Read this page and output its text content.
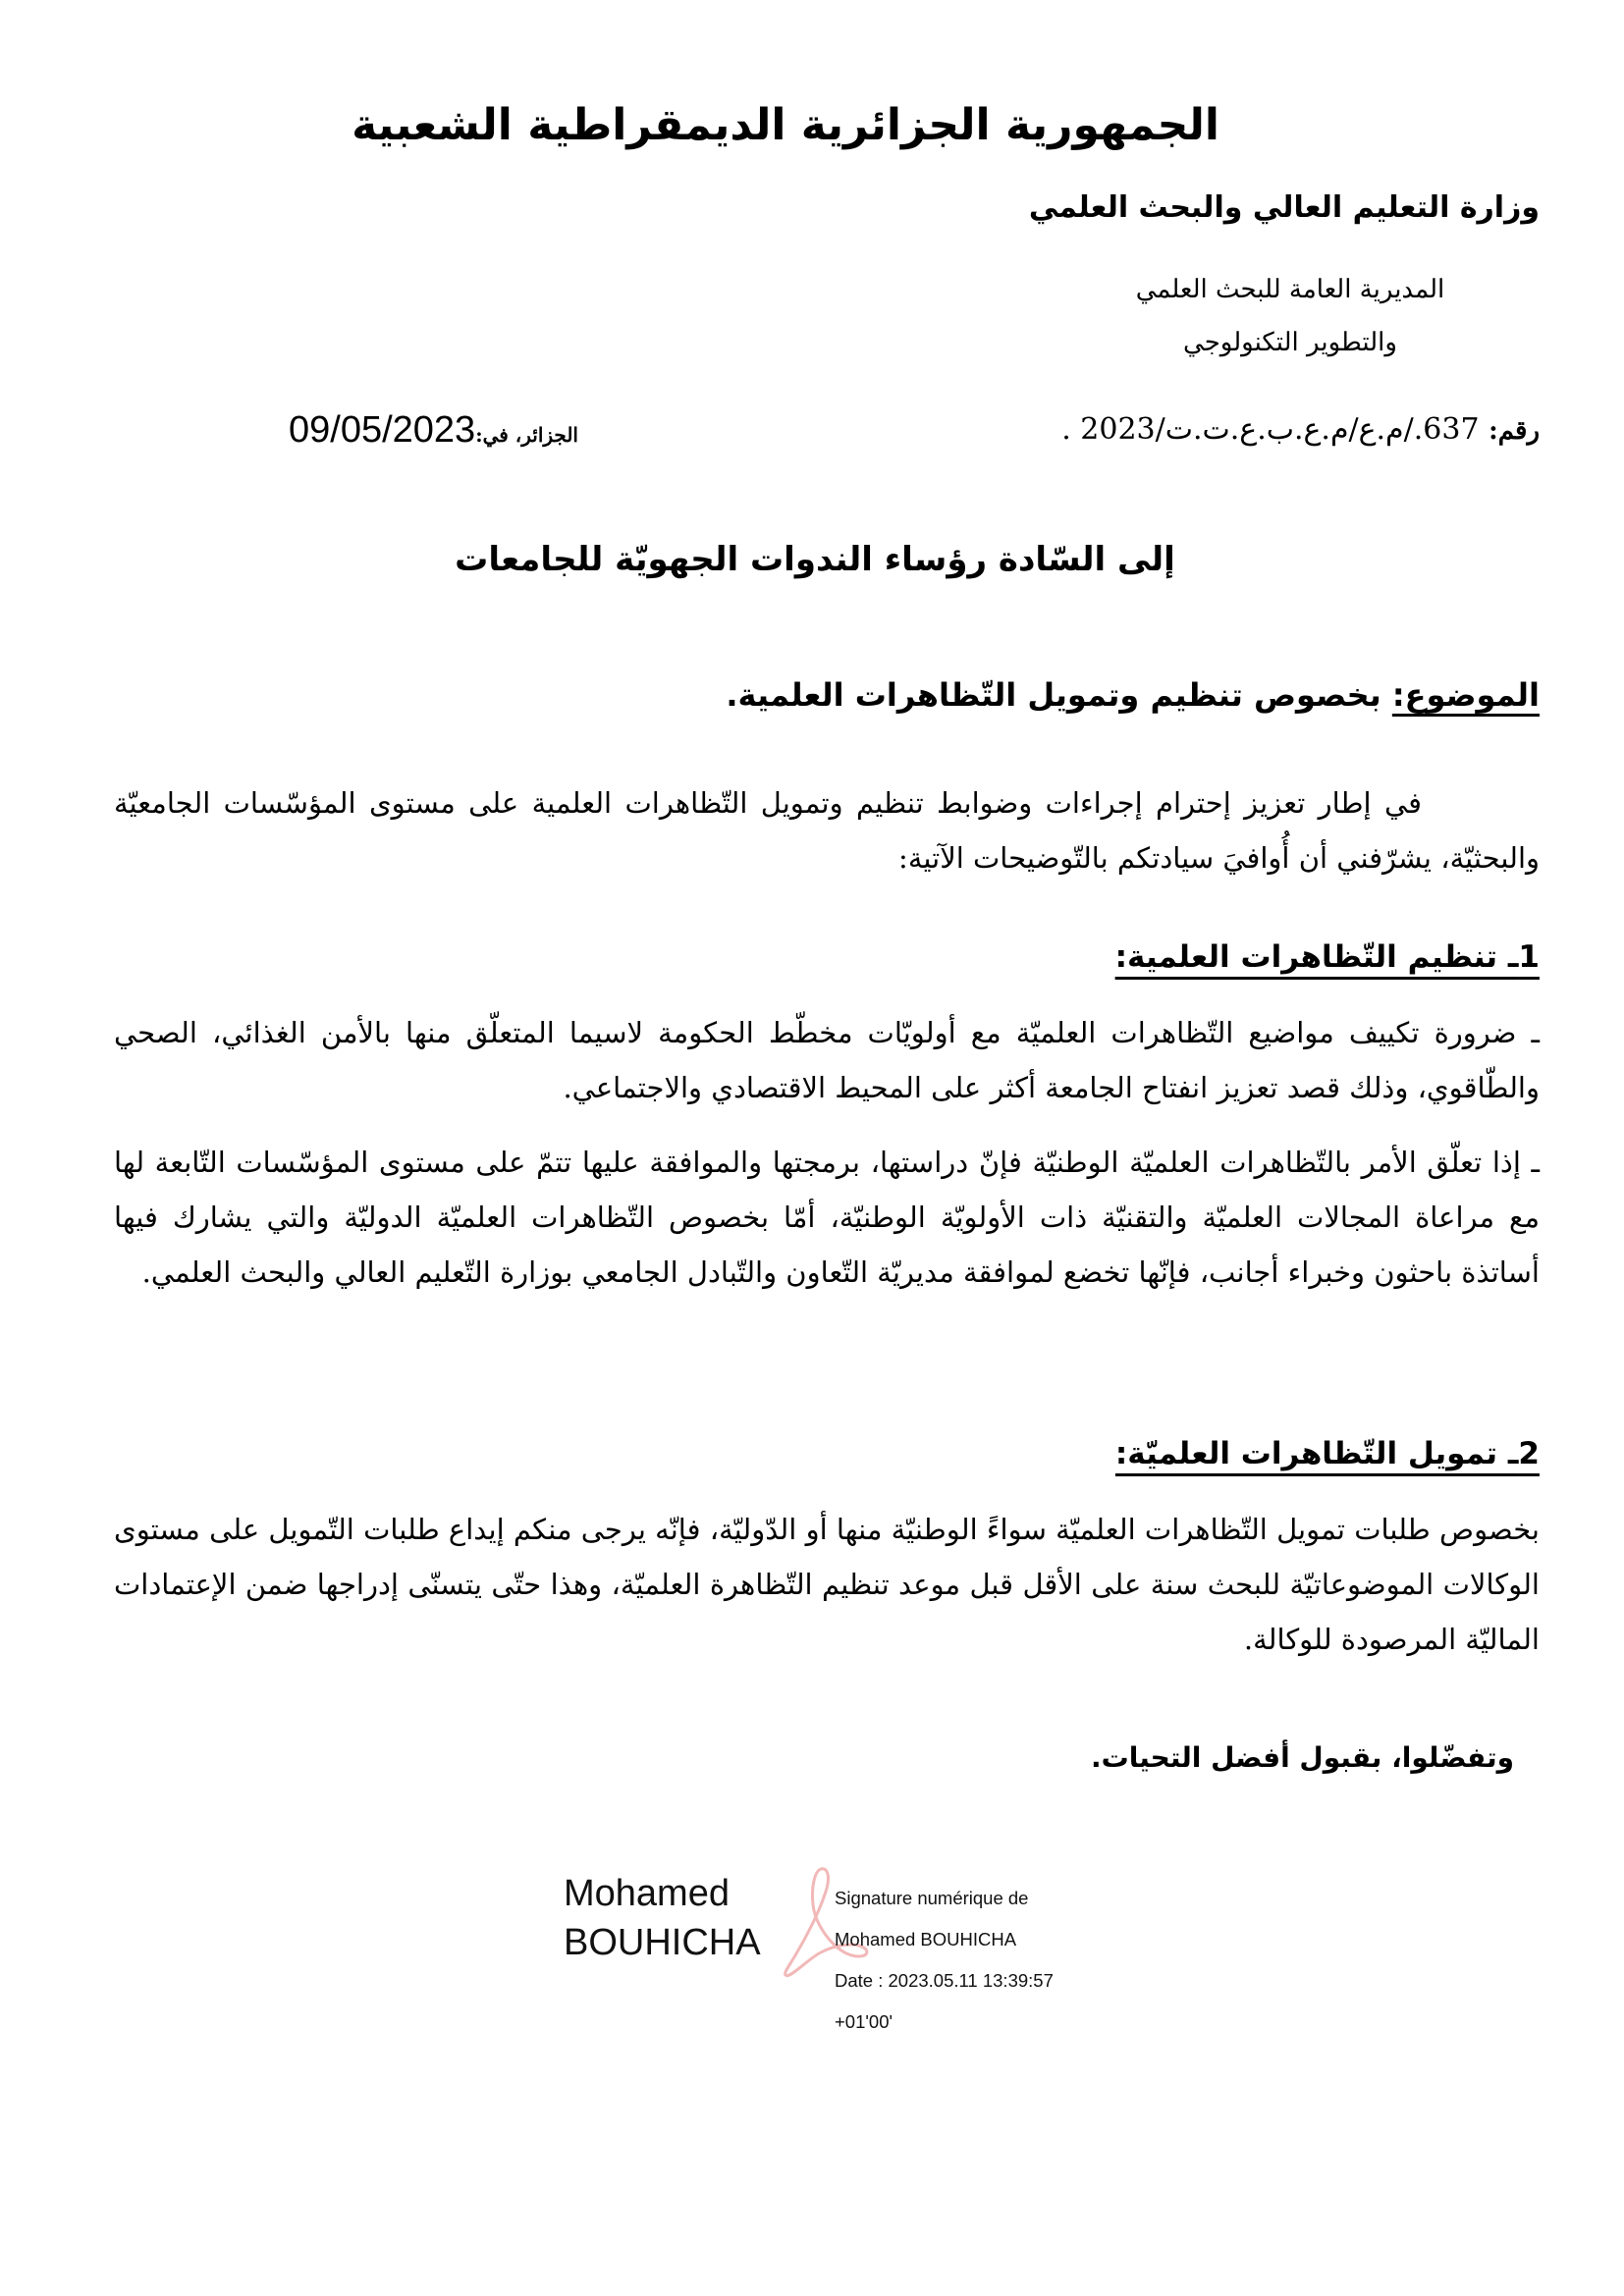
الجمهورية الجزائرية الديمقراطية الشعبية
وزارة التعليم العالي والبحث العلمي
المديرية العامة للبحث العلمي
والتطوير التكنولوجي
رقم: 637./م.ع/م.ع.ب.ع.ت.ت/2023 .
الجزائر، في:09/05/2023
إلى السّادة رؤساء الندوات الجهويّة للجامعات
الموضوع: بخصوص تنظيم وتمويل التّظاهرات العلمية.

في إطار تعزيز إحترام إجراءات وضوابط تنظيم وتمويل التّظاهرات العلمية على مستوى المؤسّسات الجامعيّة والبحثيّة، يشرّفني أن أُوافيَ سيادتكم بالتّوضيحات الآتية:

1ـ تنظيم التّظاهرات العلمية:

ـ ضرورة تكييف مواضيع التّظاهرات العلميّة مع أولويّات مخطّط الحكومة لاسيما المتعلّق منها بالأمن الغذائي، الصحي والطّاقوي، وذلك قصد تعزيز انفتاح الجامعة أكثر على المحيط الاقتصادي والاجتماعي.

ـ إذا تعلّق الأمر بالتّظاهرات العلميّة الوطنيّة فإنّ دراستها، برمجتها والموافقة عليها تتمّ على مستوى المؤسّسات التّابعة لها مع مراعاة المجالات العلميّة والتقنيّة ذات الأولويّة الوطنيّة، أمّا بخصوص التّظاهرات العلميّة الدوليّة والتي يشارك فيها أساتذة باحثون وخبراء أجانب، فإنّها تخضع لموافقة مديريّة التّعاون والتّبادل الجامعي بوزارة التّعليم العالي والبحث العلمي.

2ـ تمويل التّظاهرات العلميّة:

بخصوص طلبات تمويل التّظاهرات العلميّة سواءً الوطنيّة منها أو الدّوليّة، فإنّه يرجى منكم إيداع طلبات التّمويل على مستوى الوكالات الموضوعاتيّة للبحث سنة على الأقل قبل موعد تنظيم التّظاهرة العلميّة، وهذا حتّى يتسنّى إدراجها ضمن الإعتمادات الماليّة المرصودة للوكالة.

وتفضّلوا، بقبول أفضل التحيات.
Mohamed
BOUHICHA

Signature numérique de

Mohamed BOUHICHA

Date : 2023.05.11 13:39:57

+01'00'
